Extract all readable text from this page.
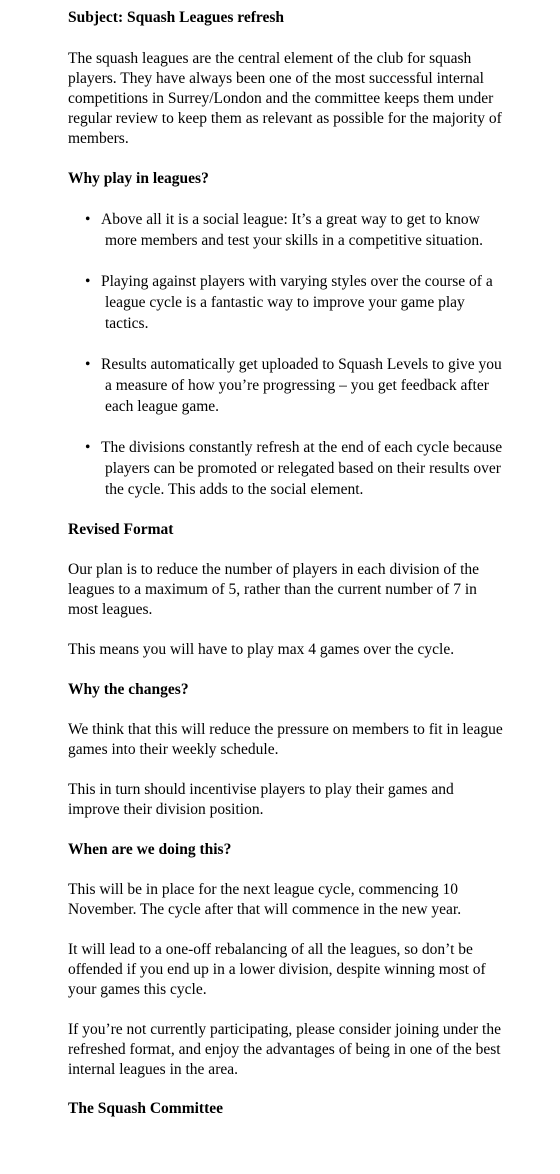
Subject: Squash Leagues refresh

The squash leagues are the central element of the club for squash players. They have always been one of the most successful internal competitions in Surrey/London and the committee keeps them under regular review to keep them as relevant as possible for the majority of members.

Why play in leagues?

• Above all it is a social league: It’s a great way to get to know more members and test your skills in a competitive situation.
• Playing against players with varying styles over the course of a league cycle is a fantastic way to improve your game play tactics.
• Results automatically get uploaded to Squash Levels to give you a measure of how you’re progressing – you get feedback after each league game.
• The divisions constantly refresh at the end of each cycle because players can be promoted or relegated based on their results over the cycle. This adds to the social element.

Revised Format

Our plan is to reduce the number of players in each division of the leagues to a maximum of 5, rather than the current number of 7 in most leagues.

This means you will have to play max 4 games over the cycle.

Why the changes?

We think that this will reduce the pressure on members to fit in league games into their weekly schedule.

This in turn should incentivise players to play their games and improve their division position.

When are we doing this?

This will be in place for the next league cycle, commencing 10 November. The cycle after that will commence in the new year.

It will lead to a one-off rebalancing of all the leagues, so don’t be offended if you end up in a lower division, despite winning most of your games this cycle.

If you’re not currently participating, please consider joining under the refreshed format, and enjoy the advantages of being in one of the best internal leagues in the area.

The Squash Committee
